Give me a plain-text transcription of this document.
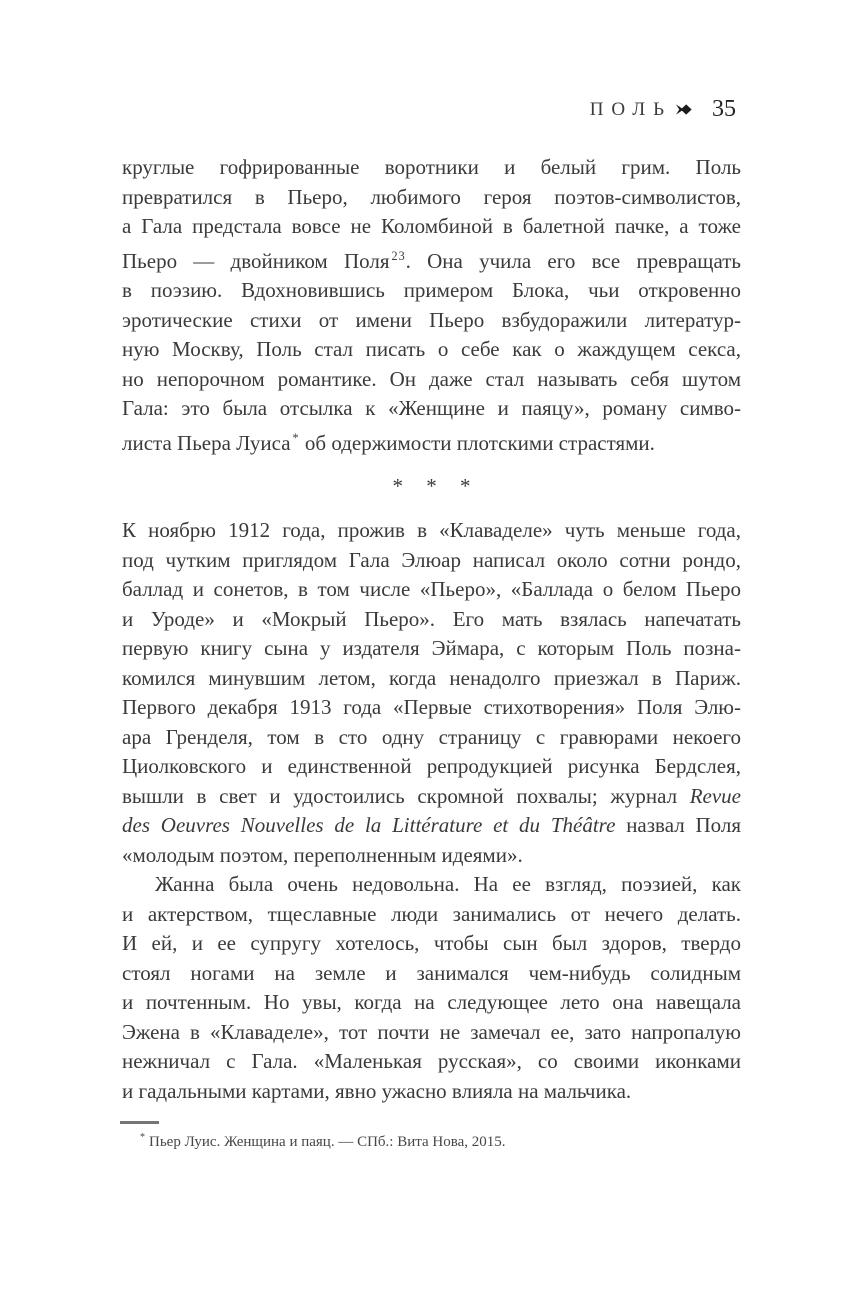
ПОЛЬ 35
круглые гофрированные воротники и белый грим. Поль
превратился в Пьеро, любимого героя поэтов-символистов,
а Гала предстала вовсе не Коломбиной в балетной пачке, а тоже
Пьеро — двойником Поля $^{23}$. Она учила его все превращать
в поэзию. Вдохновившись примером Блока, чьи откровенно
эротические стихи от имени Пьеро взбудоражили литератур-
ную Москву, Поль стал писать о себе как о жаждущем секса,
но непорочном романтике. Он даже стал называть себя шутом
Гала: это была отсылка к «Женщине и паяцу», роману симво-
листа Пьера Луиса * об одержимости плотскими страстями.
* * *
К ноябрю 1912 года, прожив в «Клаваделе» чуть меньше года,
под чутким приглядом Гала Элюар написал около сотни рондо,
баллад и сонетов, в том числе «Пьеро», «Баллада о белом Пьеро
и Уроде» и «Мокрый Пьеро». Его мать взялась напечатать
первую книгу сына у издателя Эймара, с которым Поль позна-
комился минувшим летом, когда ненадолго приезжал в Париж.
Первого декабря 1913 года «Первые стихотворения» Поля Элю-
ара Гренделя, том в сто одну страницу с гравюрами некоего
Циолковского и единственной репродукцией рисунка Бердслея,
вышли в свет и удостоились скромной похвалы; журнал Revue
des Oeuvres Nouvelles de la Littérature et du Théâtre назвал Поля
«молодым поэтом, переполненным идеями».
Жанна была очень недовольна. На ее взгляд, поэзией, как
и актерством, тщеславные люди занимались от нечего делать.
И ей, и ее супругу хотелось, чтобы сын был здоров, твердо
стоял ногами на земле и занимался чем-нибудь солидным
и почтенным. Но увы, когда на следующее лето она навещала
Эжена в «Клаваделе», тот почти не замечал ее, зато напропалую
нежничал с Гала. «Маленькая русская», со своими иконками
и гадальными картами, явно ужасно влияла на мальчика.
* Пьер Луис. Женщина и паяц. — СПб.: Вита Нова, 2015.
